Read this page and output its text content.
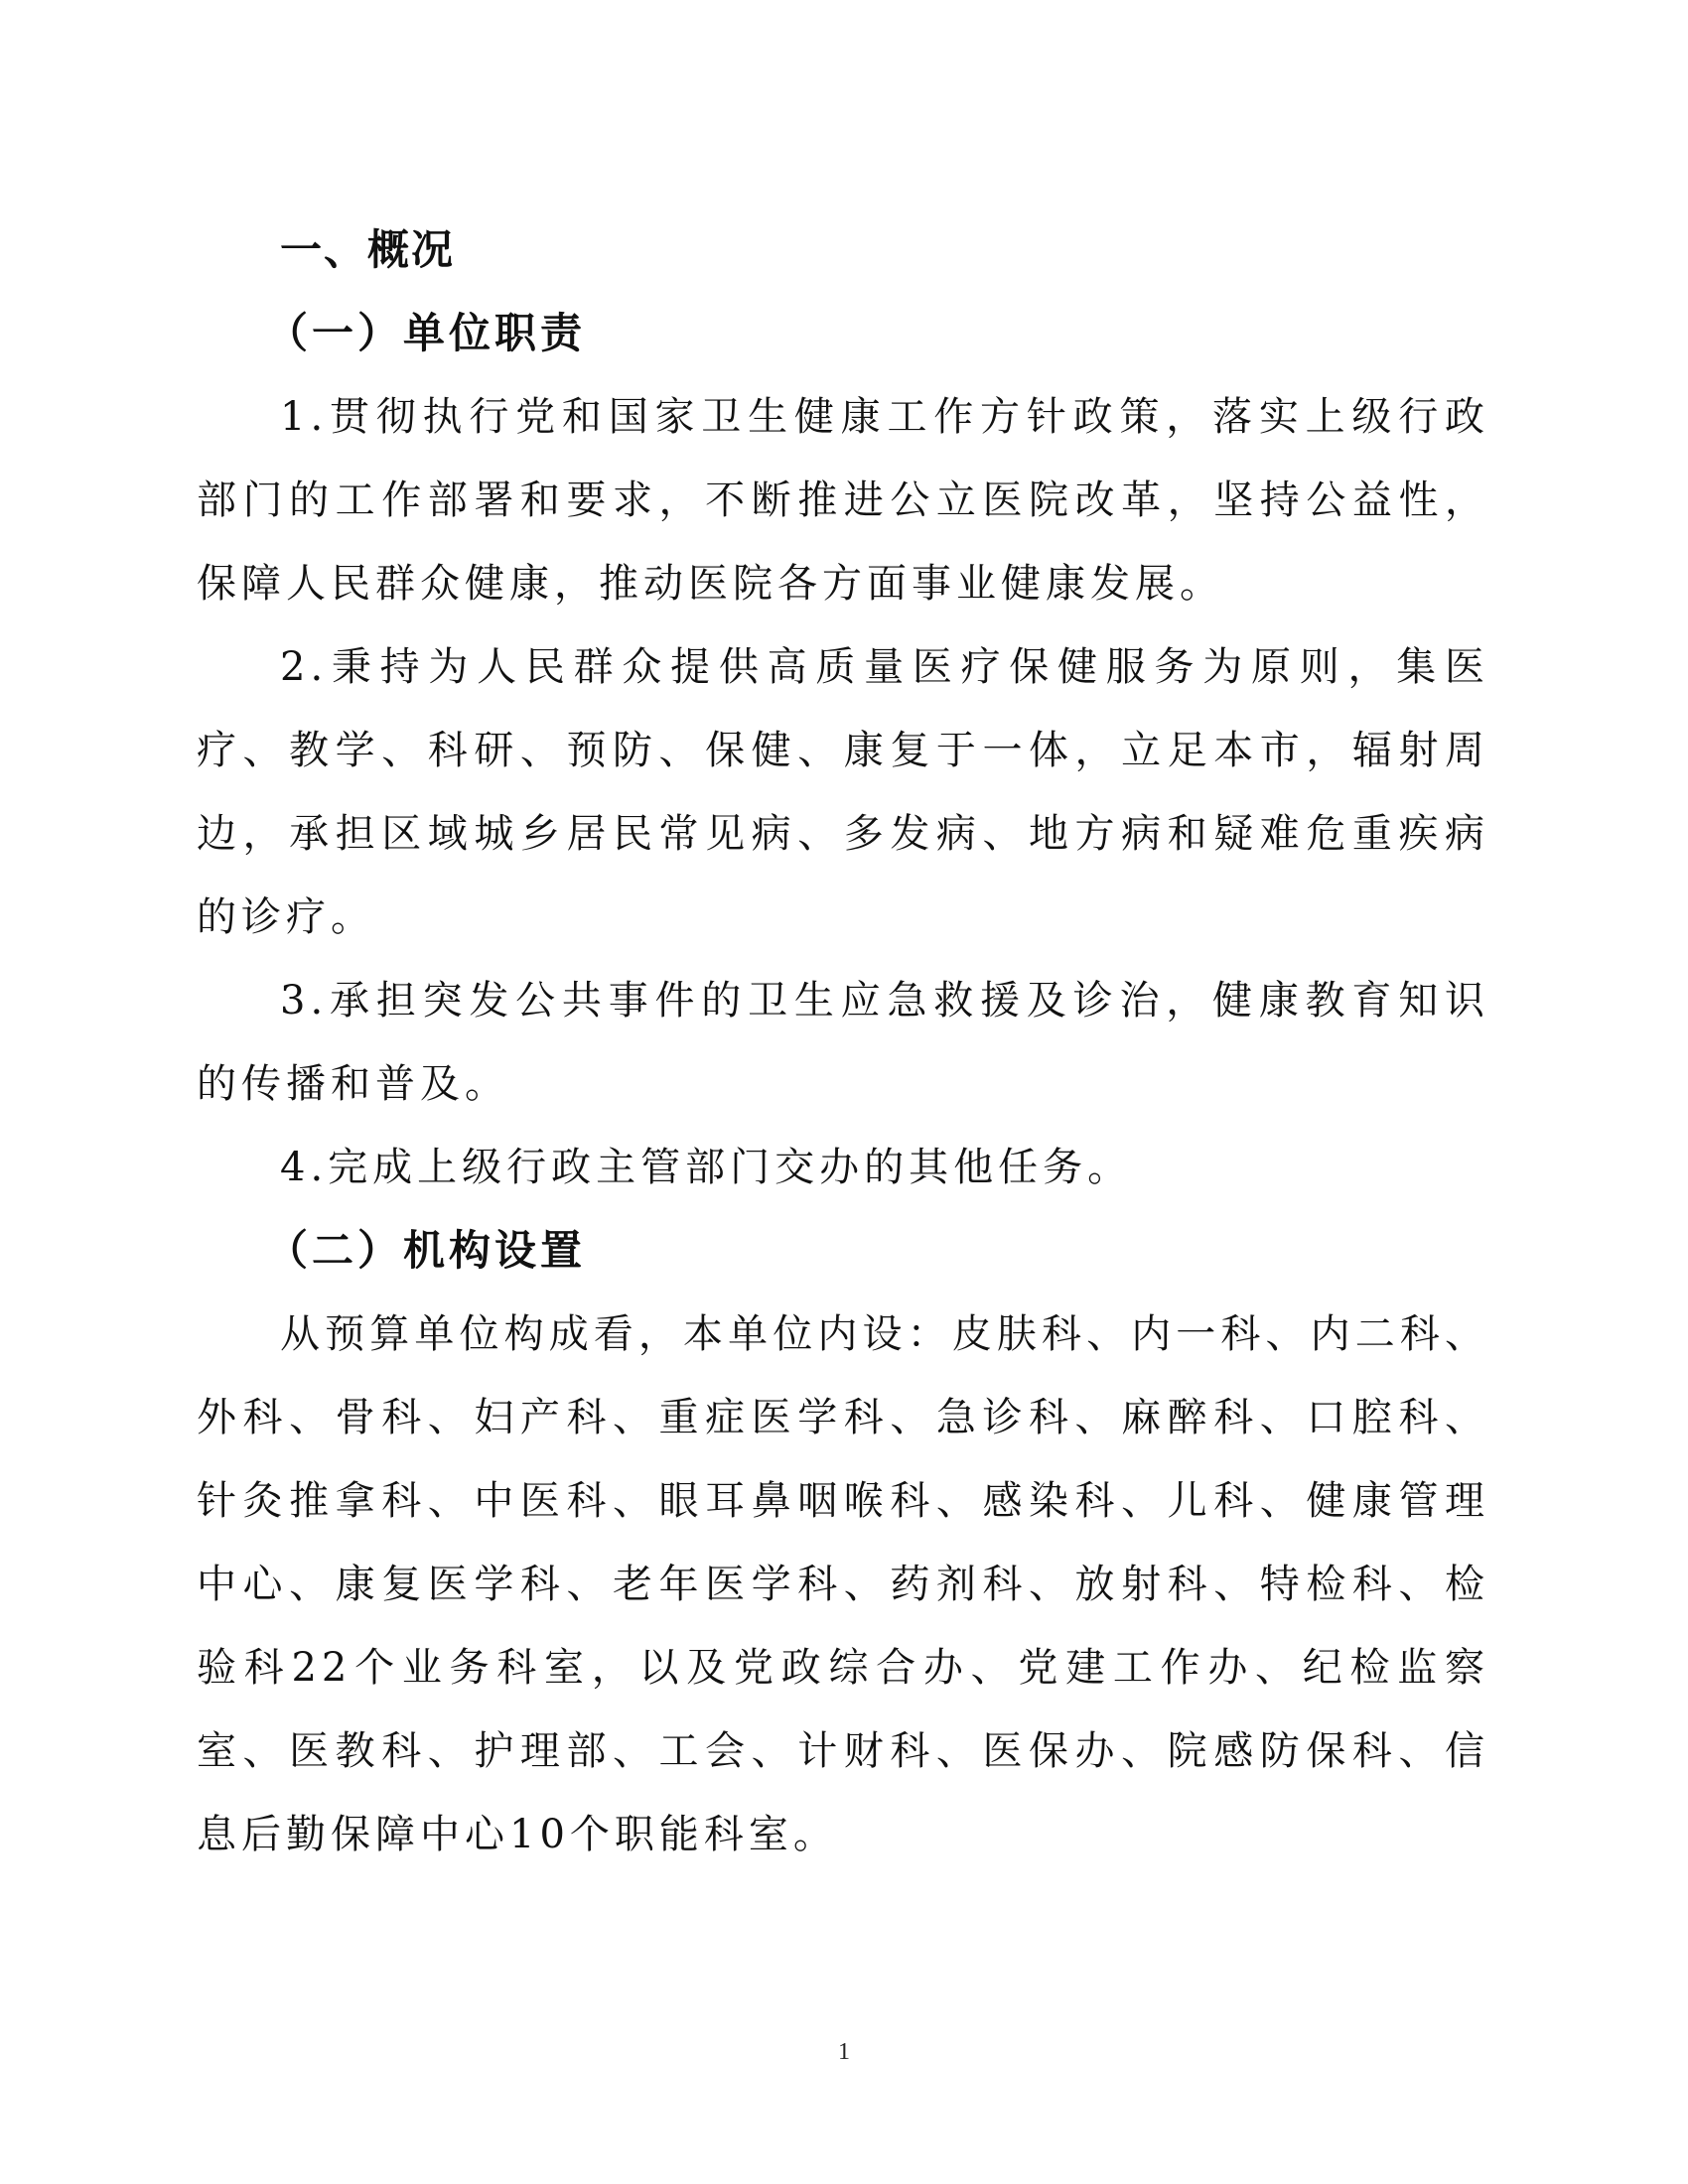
一、概况
（一）单位职责

1.贯彻执行党和国家卫生健康工作方针政策，落实上级行政部门的工作部署和要求，不断推进公立医院改革，坚持公益性，保障人民群众健康，推动医院各方面事业健康发展。

2.秉持为人民群众提供高质量医疗保健服务为原则，集医疗、教学、科研、预防、保健、康复于一体，立足本市，辐射周边，承担区域城乡居民常见病、多发病、地方病和疑难危重疾病的诊疗。

3.承担突发公共事件的卫生应急救援及诊治，健康教育知识的传播和普及。

4.完成上级行政主管部门交办的其他任务。

（二）机构设置

从预算单位构成看，本单位内设：皮肤科、内一科、内二科、外科、骨科、妇产科、重症医学科、急诊科、麻醉科、口腔科、针灸推拿科、中医科、眼耳鼻咽喉科、感染科、儿科、健康管理中心、康复医学科、老年医学科、药剂科、放射科、特检科、检验科22个业务科室，以及党政综合办、党建工作办、纪检监察室、医教科、护理部、工会、计财科、医保办、院感防保科、信息后勤保障中心10个职能科室。

1
